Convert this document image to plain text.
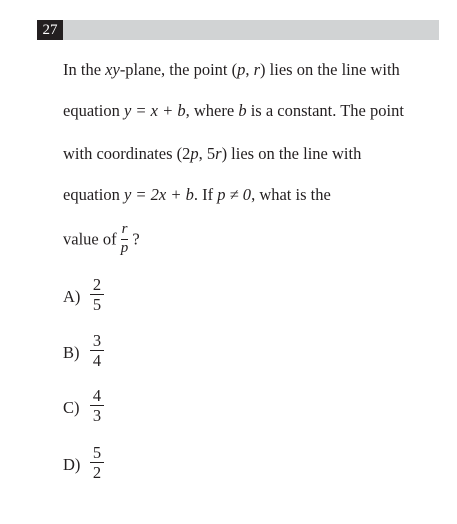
27
In the xy-plane, the point (p, r) lies on the line with
equation y = x + b, where b is a constant. The point
with coordinates (2p, 5r) lies on the line with
equation y = 2x + b. If p ≠ 0, what is the
value of $\frac{r}{p}$ ?
A)
2
5
B)
3
4
C)
4
3
D)
5
2
